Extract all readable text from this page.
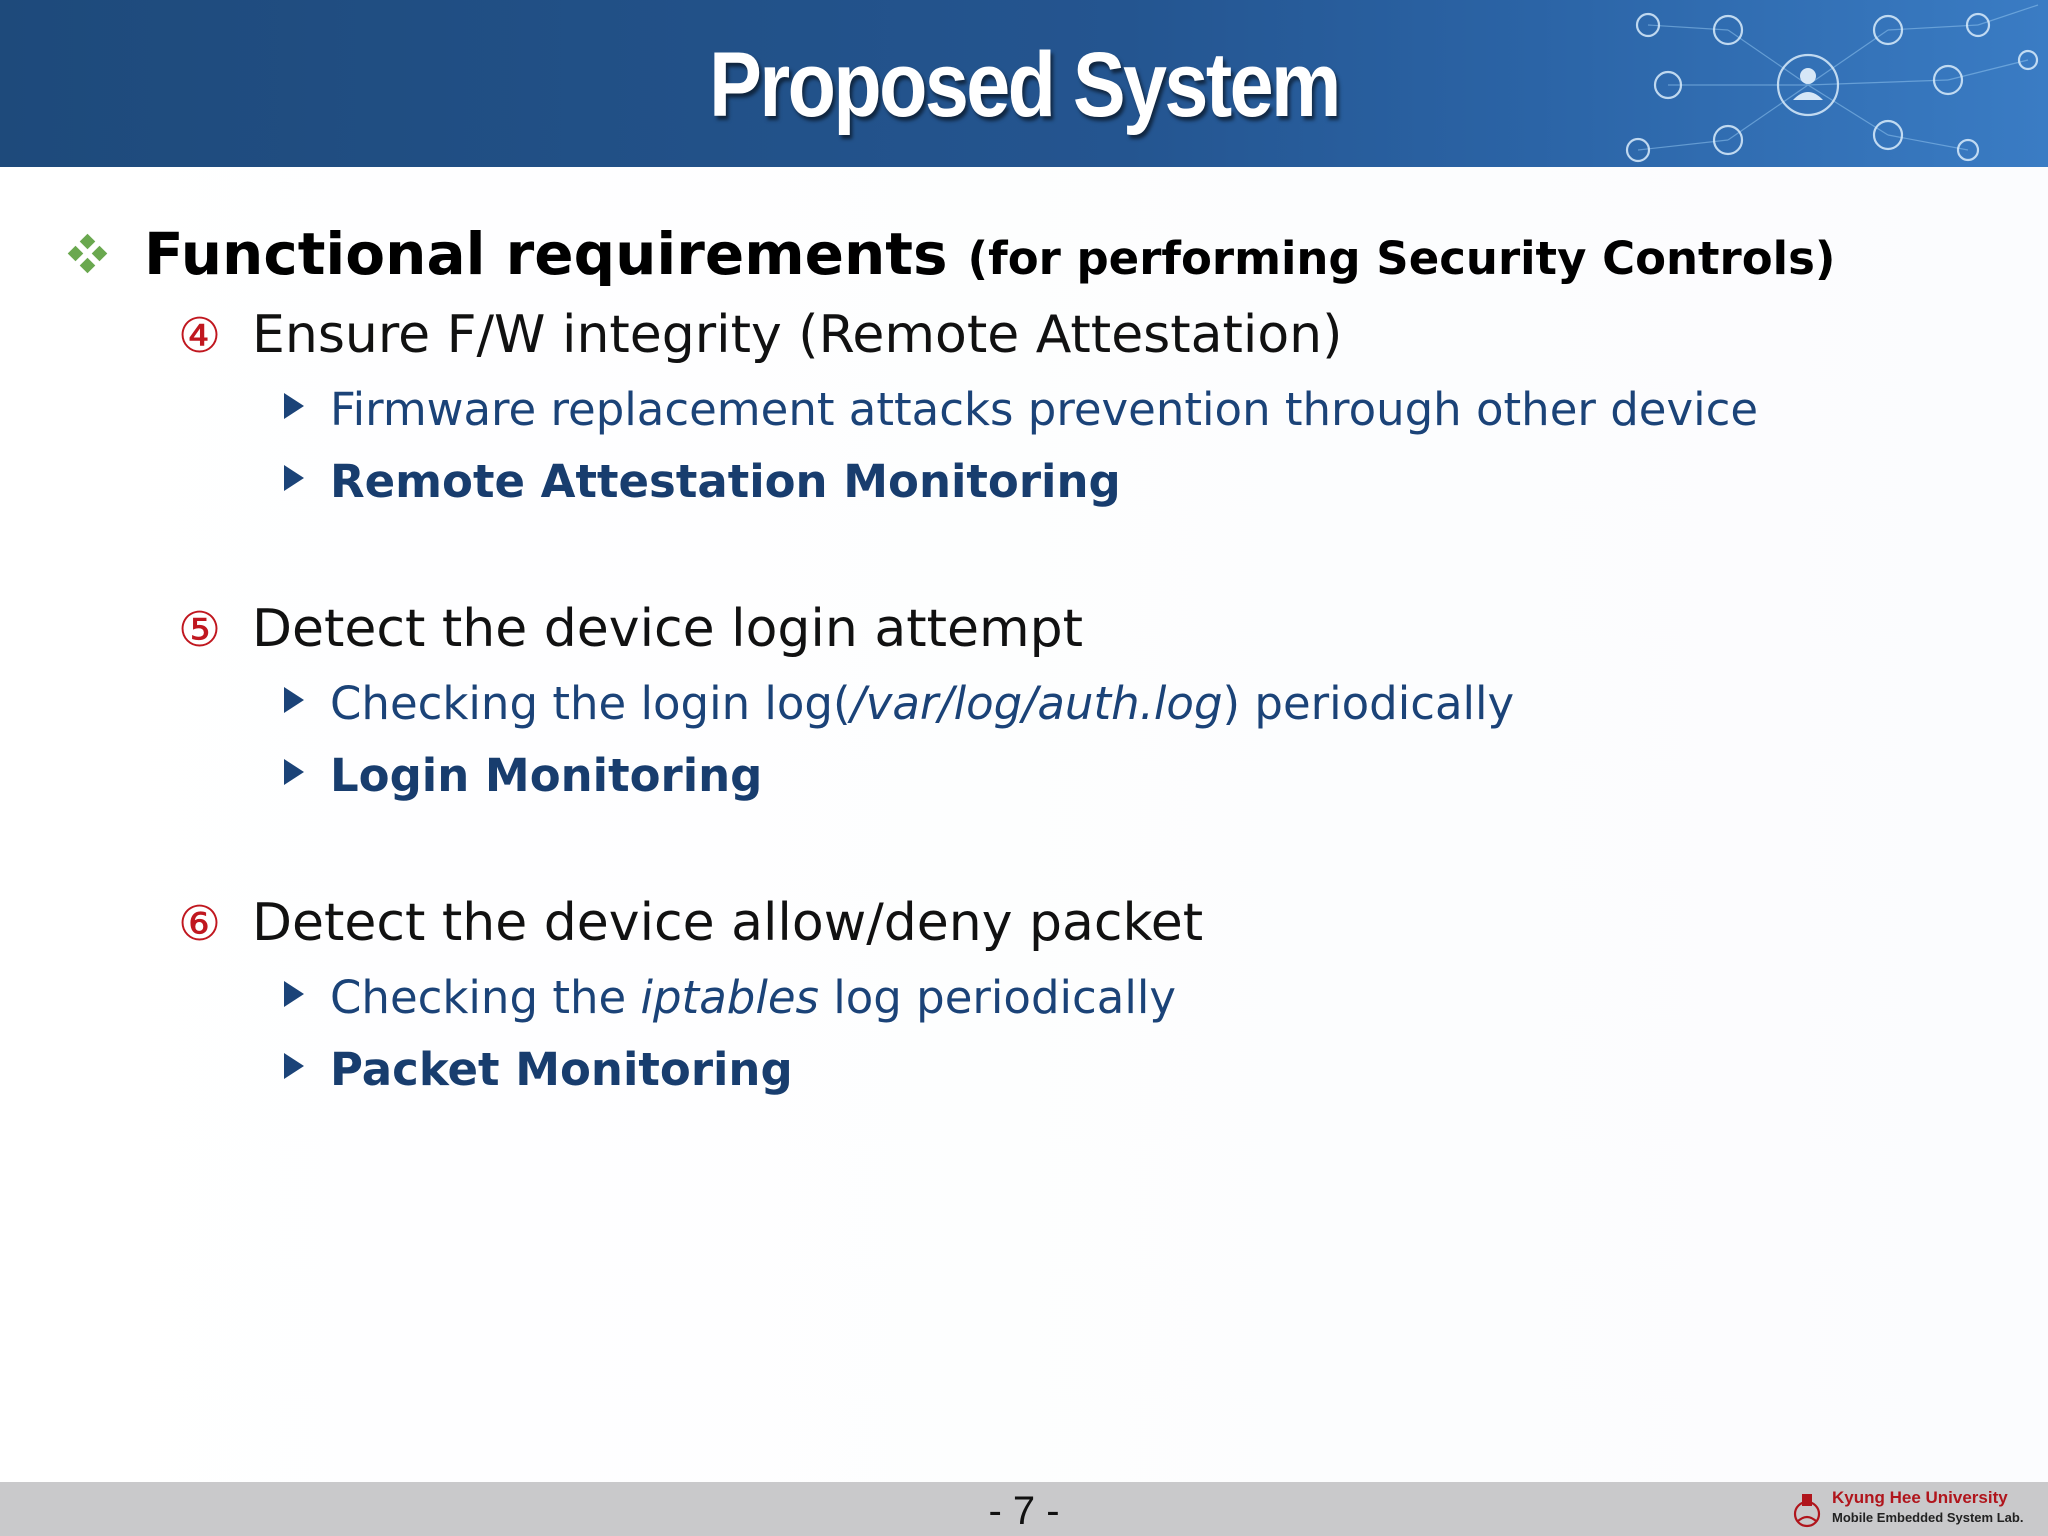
Proposed System
Functional requirements (for performing Security Controls)
④ Ensure F/W integrity (Remote Attestation)
Firmware replacement attacks prevention through other device
Remote Attestation Monitoring
⑤ Detect the device login attempt
Checking the login log(/var/log/auth.log) periodically
Login Monitoring
⑥ Detect the device allow/deny packet
Checking the iptables log periodically
Packet Monitoring
- 7 -	Kyung Hee University
Mobile Embedded System Lab.
